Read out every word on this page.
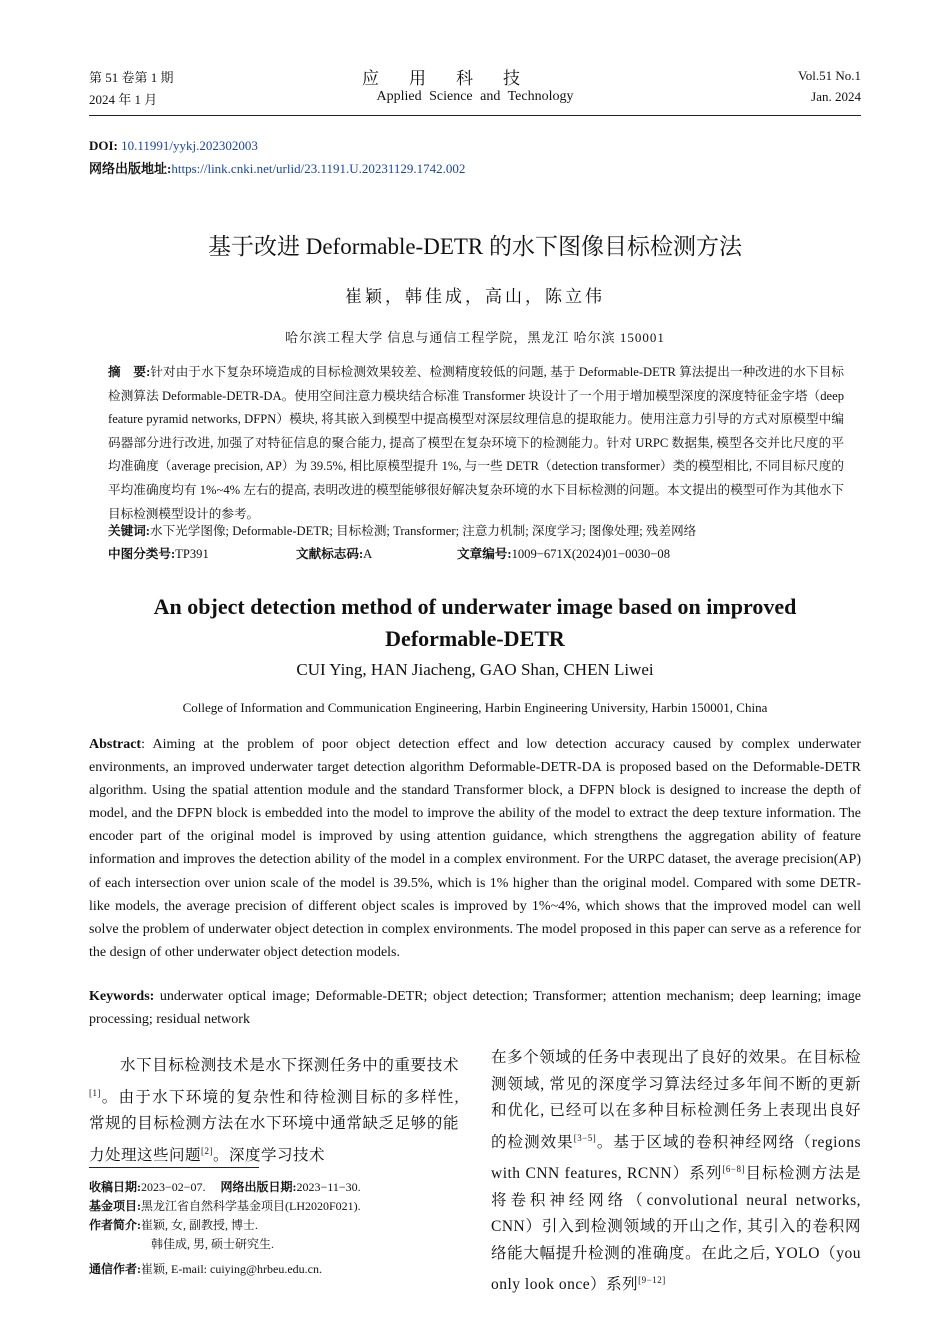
第 51 卷第 1 期
2024 年 1 月
应用科技
Applied Science and Technology
Vol.51 No.1
Jan. 2024
DOI: 10.11991/yykj.202302003
网络出版地址:https://link.cnki.net/urlid/23.1191.U.20231129.1742.002
基于改进 Deformable-DETR 的水下图像目标检测方法
崔颖，韩佳成，高山，陈立伟
哈尔滨工程大学 信息与通信工程学院，黑龙江 哈尔滨 150001
摘　要:针对由于水下复杂环境造成的目标检测效果较差、检测精度较低的问题, 基于 Deformable-DETR 算法提出一种改进的水下目标检测算法 Deformable-DETR-DA。使用空间注意力模块结合标准 Transformer 块设计了一个用于增加模型深度的深度特征金字塔（deep feature pyramid networks, DFPN）模块, 将其嵌入到模型中提高模型对深层纹理信息的提取能力。使用注意力引导的方式对原模型中编码器部分进行改进, 加强了对特征信息的聚合能力, 提高了模型在复杂环境下的检测能力。针对 URPC 数据集, 模型各交并比尺度的平均准确度（average precision, AP）为 39.5%, 相比原模型提升 1%, 与一些 DETR（detection transformer）类的模型相比, 不同目标尺度的平均准确度均有 1%~4% 左右的提高, 表明改进的模型能够很好解决复杂环境的水下目标检测的问题。本文提出的模型可作为其他水下目标检测模型设计的参考。
关键词:水下光学图像; Deformable-DETR; 目标检测; Transformer; 注意力机制; 深度学习; 图像处理; 残差网络
中图分类号:TP391	文献标志码:A	文章编号:1009−671X(2024)01−0030−08
An object detection method of underwater image based on improved
Deformable-DETR
CUI Ying, HAN Jiacheng, GAO Shan, CHEN Liwei
College of Information and Communication Engineering, Harbin Engineering University, Harbin 150001, China
Abstract: Aiming at the problem of poor object detection effect and low detection accuracy caused by complex underwater environments, an improved underwater target detection algorithm Deformable-DETR-DA is proposed based on the Deformable-DETR algorithm. Using the spatial attention module and the standard Transformer block, a DFPN block is designed to increase the depth of model, and the DFPN block is embedded into the model to improve the ability of the model to extract the deep texture information. The encoder part of the original model is improved by using attention guidance, which strengthens the aggregation ability of feature information and improves the detection ability of the model in a complex environment. For the URPC dataset, the average precision(AP) of each intersection over union scale of the model is 39.5%, which is 1% higher than the original model. Compared with some DETR-like models, the average precision of different object scales is improved by 1%~4%, which shows that the improved model can well solve the problem of underwater object detection in complex environments. The model proposed in this paper can serve as a reference for the design of other underwater object detection models.
Keywords: underwater optical image; Deformable-DETR; object detection; Transformer; attention mechanism; deep learning; image processing; residual network
水下目标检测技术是水下探测任务中的重要技术[1]。由于水下环境的复杂性和待检测目标的多样性, 常规的目标检测方法在水下环境中通常缺乏足够的能力处理这些问题[2]。深度学习技术
在多个领域的任务中表现出了良好的效果。在目标检测领域, 常见的深度学习算法经过多年间不断的更新和优化, 已经可以在多种目标检测任务上表现出良好的检测效果[3−5]。基于区域的卷积神经网络（regions with CNN features, RCNN）系列[6−8]目标检测方法是将卷积神经网络（convolutional neural networks, CNN）引入到检测领域的开山之作, 其引入的卷积网络能大幅提升检测的准确度。在此之后, YOLO（you only look once）系列[9−12]
收稿日期:2023−02−07. 网络出版日期:2023−11−30.
基金项目:黑龙江省自然科学基金项目(LH2020F021).
作者简介:崔颖, 女, 副教授, 博士.
韩佳成, 男, 硕士研究生.
通信作者:崔颖, E-mail: cuiying@hrbeu.edu.cn.
